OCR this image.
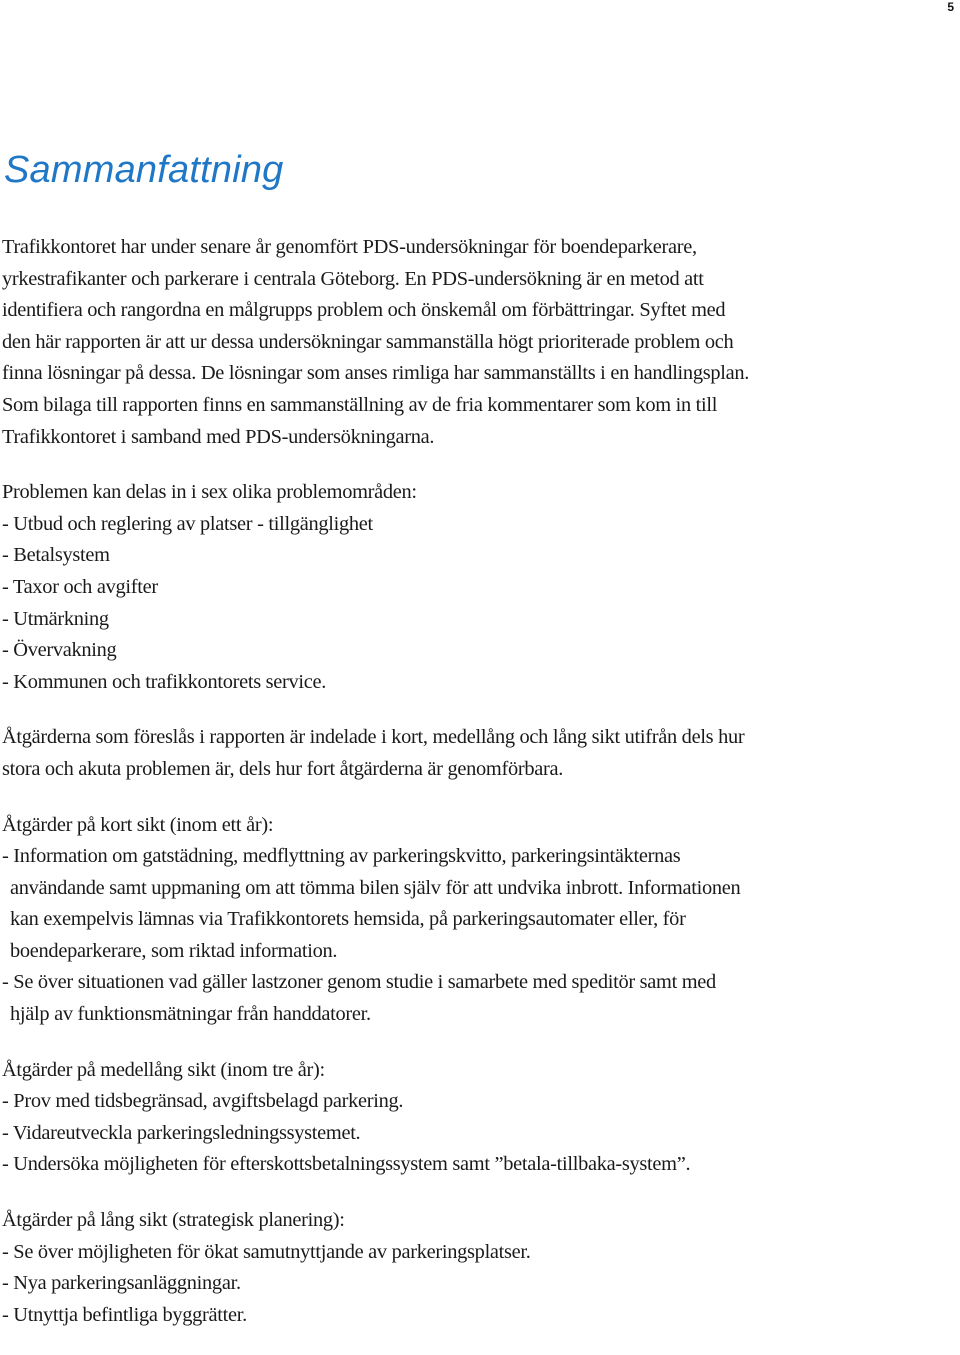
5
Sammanfattning

Trafikkontoret har under senare år genomfört PDS-undersökningar för boendeparkerare,
yrkestrafikanter och parkerare i centrala Göteborg. En PDS-undersökning är en metod att
identifiera och rangordna en målgrupps problem och önskemål om förbättringar. Syftet med
den här rapporten är att ur dessa undersökningar sammanställa högt prioriterade problem och
finna lösningar på dessa. De lösningar som anses rimliga har sammanställts i en handlingsplan.
Som bilaga till rapporten finns en sammanställning av de fria kommentarer som kom in till
Trafikkontoret i samband med PDS-undersökningarna.

Problemen kan delas in i sex olika problemområden:
- Utbud och reglering av platser - tillgänglighet
- Betalsystem
- Taxor och avgifter
- Utmärkning
- Övervakning
- Kommunen och trafikkontorets service.

Åtgärderna som föreslås i rapporten är indelade i kort, medellång och lång sikt utifrån dels hur
stora och akuta problemen är, dels hur fort åtgärderna är genomförbara.

Åtgärder på kort sikt (inom ett år):
- Information om gatstädning, medflyttning av parkeringskvitto, parkeringsintäkternas
användande samt uppmaning om att tömma bilen själv för att undvika inbrott. Informationen
kan exempelvis lämnas via Trafikkontorets hemsida, på parkeringsautomater eller, för
boendeparkerare, som riktad information.
- Se över situationen vad gäller lastzoner genom studie i samarbete med speditör samt med
hjälp av funktionsmätningar från handdatorer.

Åtgärder på medellång sikt (inom tre år):
- Prov med tidsbegränsad, avgiftsbelagd parkering.
- Vidareutveckla parkeringsledningssystemet.
- Undersöka möjligheten för efterskottsbetalningssystem samt ”betala-tillbaka-system”.

Åtgärder på lång sikt (strategisk planering):
- Se över möjligheten för ökat samutnyttjande av parkeringsplatser.
- Nya parkeringsanläggningar.
- Utnyttja befintliga byggrätter.
